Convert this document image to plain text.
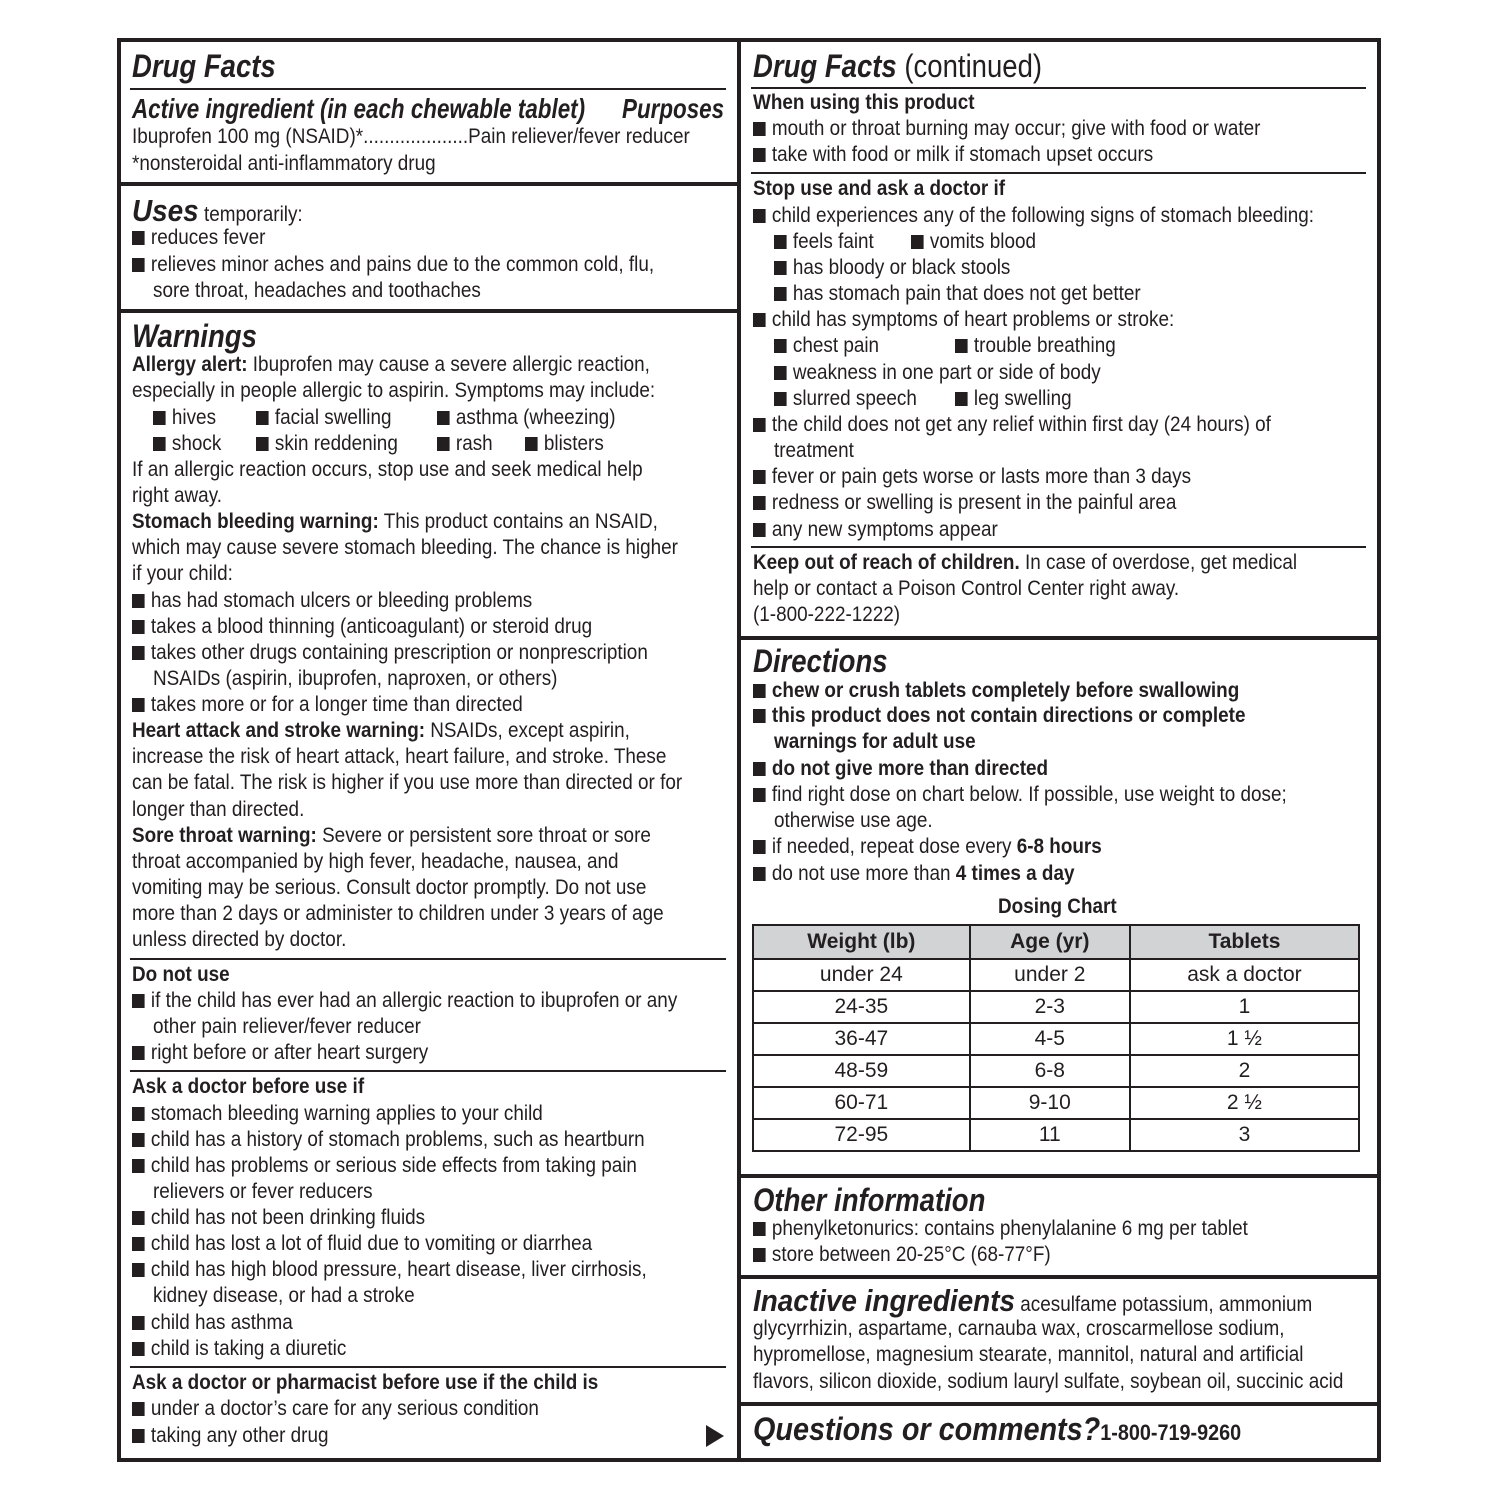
Drug Facts
Active ingredient (in each chewable tablet) Purposes
Ibuprofen 100 mg (NSAID)*....................Pain reliever/fever reducer
*nonsteroidal anti-inflammatory drug
Uses temporarily:
reduces fever
relieves minor aches and pains due to the common cold, flu,
sore throat, headaches and toothaches
Warnings
Allergy alert: Ibuprofen may cause a severe allergic reaction,
especially in people allergic to aspirin. Symptoms may include:
hives	facial swelling	asthma (wheezing)
shock	skin reddening	rash	blisters
If an allergic reaction occurs, stop use and seek medical help
right away.
Stomach bleeding warning: This product contains an NSAID,
which may cause severe stomach bleeding. The chance is higher
if your child:
has had stomach ulcers or bleeding problems
takes a blood thinning (anticoagulant) or steroid drug
takes other drugs containing prescription or nonprescription
NSAIDs (aspirin, ibuprofen, naproxen, or others)
takes more or for a longer time than directed
Heart attack and stroke warning: NSAIDs, except aspirin,
increase the risk of heart attack, heart failure, and stroke. These
can be fatal. The risk is higher if you use more than directed or for
longer than directed.
Sore throat warning: Severe or persistent sore throat or sore
throat accompanied by high fever, headache, nausea, and
vomiting may be serious. Consult doctor promptly. Do not use
more than 2 days or administer to children under 3 years of age
unless directed by doctor.
Do not use
if the child has ever had an allergic reaction to ibuprofen or any
other pain reliever/fever reducer
right before or after heart surgery
Ask a doctor before use if
stomach bleeding warning applies to your child
child has a history of stomach problems, such as heartburn
child has problems or serious side effects from taking pain
relievers or fever reducers
child has not been drinking fluids
child has lost a lot of fluid due to vomiting or diarrhea
child has high blood pressure, heart disease, liver cirrhosis,
kidney disease, or had a stroke
child has asthma
child is taking a diuretic
Ask a doctor or pharmacist before use if the child is
under a doctor’s care for any serious condition
taking any other drug
Drug Facts (continued)
When using this product
mouth or throat burning may occur; give with food or water
take with food or milk if stomach upset occurs
Stop use and ask a doctor if
child experiences any of the following signs of stomach bleeding:
feels faint	vomits blood
has bloody or black stools
has stomach pain that does not get better
child has symptoms of heart problems or stroke:
chest pain	trouble breathing
weakness in one part or side of body
slurred speech	leg swelling
the child does not get any relief within first day (24 hours) of
treatment
fever or pain gets worse or lasts more than 3 days
redness or swelling is present in the painful area
any new symptoms appear
Keep out of reach of children. In case of overdose, get medical
help or contact a Poison Control Center right away.
(1-800-222-1222)
Directions
chew or crush tablets completely before swallowing
this product does not contain directions or complete
warnings for adult use
do not give more than directed
find right dose on chart below. If possible, use weight to dose;
otherwise use age.
if needed, repeat dose every 6-8 hours
do not use more than 4 times a day
Dosing Chart
Weight (lb)	Age (yr)	Tablets
under 24	under 2	ask a doctor
24-35	2-3	1
36-47	4-5	1 ½
48-59	6-8	2
60-71	9-10	2 ½
72-95	11	3
Other information
phenylketonurics: contains phenylalanine 6 mg per tablet
store between 20-25°C (68-77°F)
Inactive ingredients acesulfame potassium, ammonium
glycyrrhizin, aspartame, carnauba wax, croscarmellose sodium,
hypromellose, magnesium stearate, mannitol, natural and artificial
flavors, silicon dioxide, sodium lauryl sulfate, soybean oil, succinic acid
Questions or comments?1-800-719-9260
